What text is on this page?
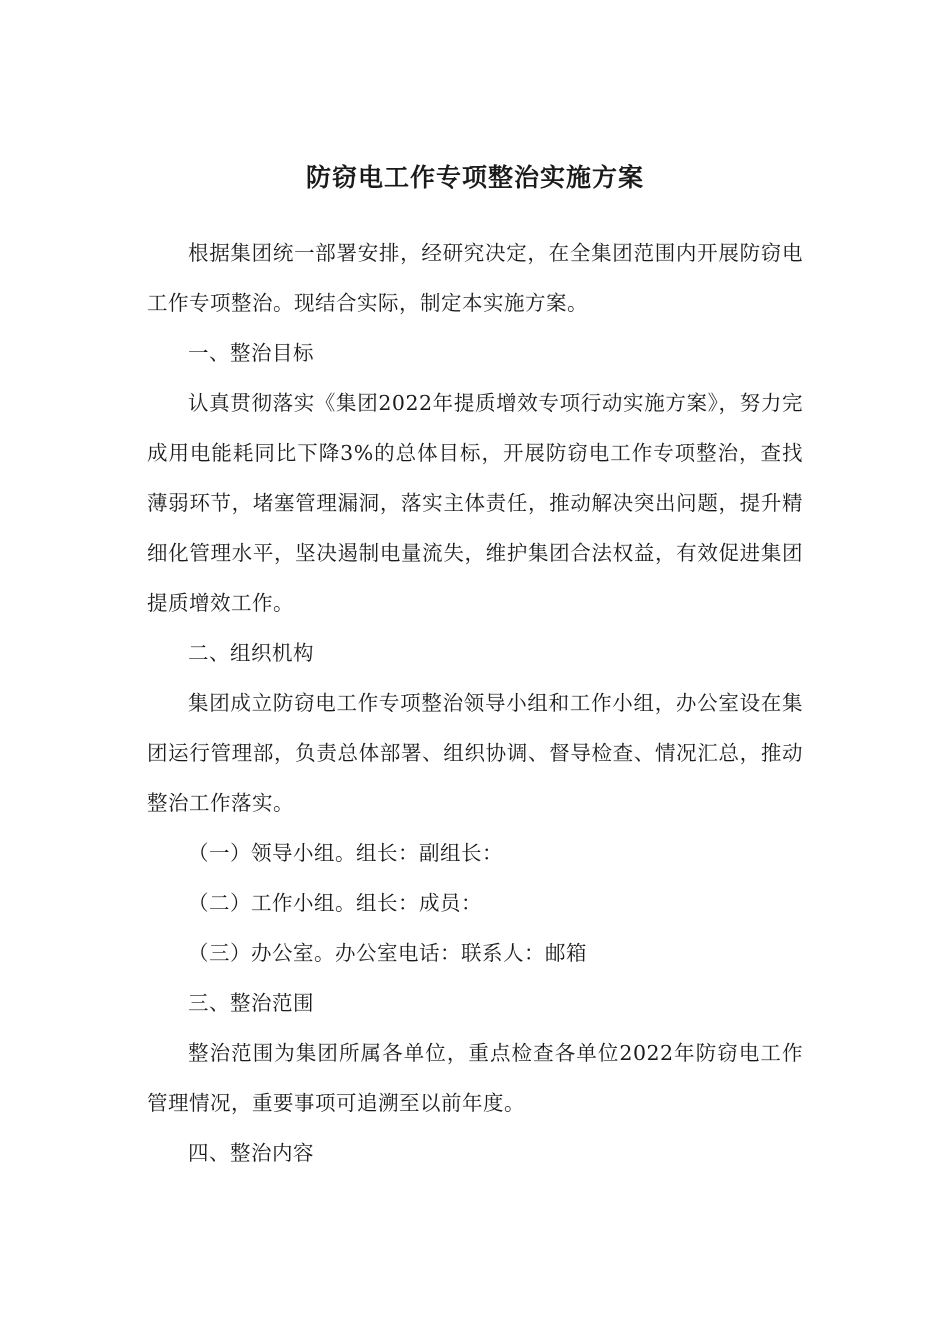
防窃电工作专项整治实施方案

根据集团统一部署安排，经研究决定，在全集团范围内开展防窃电工作专项整治。现结合实际，制定本实施方案。

一、整治目标

认真贯彻落实《集团2022年提质增效专项行动实施方案》，努力完成用电能耗同比下降3%的总体目标，开展防窃电工作专项整治，查找薄弱环节，堵塞管理漏洞，落实主体责任，推动解决突出问题，提升精细化管理水平，坚决遏制电量流失，维护集团合法权益，有效促进集团提质增效工作。

二、组织机构

集团成立防窃电工作专项整治领导小组和工作小组，办公室设在集团运行管理部，负责总体部署、组织协调、督导检查、情况汇总，推动整治工作落实。

（一）领导小组。组长：副组长：

（二）工作小组。组长：成员：

（三）办公室。办公室电话：联系人：邮箱

三、整治范围

整治范围为集团所属各单位，重点检查各单位2022年防窃电工作管理情况，重要事项可追溯至以前年度。

四、整治内容
